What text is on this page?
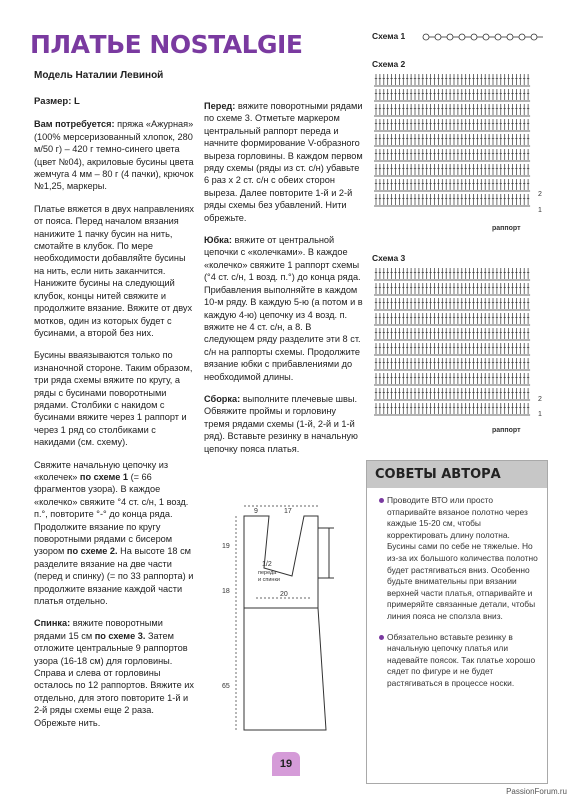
ПЛАТЬЕ NOSTALGIE
Модель Наталии Левиной

Размер: L

Вам потребуется: пряжа «Ажурная» (100% мерсеризованный хлопок, 280 м/50 г) – 420 г темно-синего цвета (цвет №04), акриловые бусины цвета жемчуга 4 мм – 80 г (4 пачки), крючок №1,25, маркеры.

Платье вяжется в двух направлениях от пояса. Перед началом вязания нанижите 1 пачку бусин на нить, смотайте в клубок. По мере необходимости добавляйте бусины на нить, если нить заканчится. Нанижите бусины на следующий клубок, концы нитей свяжите и продолжите вязание. Вяжите от двух мотков, один из которых будет с бусинами, а второй без них.

Бусины вваязываются только по изнаночной стороне. Таким образом, три ряда схемы вяжите по кругу, а ряды с бусинами поворотными рядами. Столбики с накидом с бусинами вяжите через 1 раппорт и через 1 ряд со столбиками с накидами (см. схему).

Свяжите начальную цепочку из «колечек» по схеме 1 (= 66 фрагментов узора). В каждое «колечко» свяжите °4 ст. с/н, 1 возд. п.°, повторите °-° до конца ряда. Продолжите вязание по кругу поворотными рядами с бисером узором по схеме 2. На высоте 18 см разделите вязание на две части (перед и спинку) (= по 33 раппорта) и продолжите вязание каждой части платья отдельно.

Спинка: вяжите поворотными рядами 15 см по схеме 3. Затем отложите центральные 9 раппортов узора (16-18 см) для горловины. Справа и слева от горловины осталось по 12 раппортов. Вяжите их отдельно, для этого повторите 1-й и 2-й ряды схемы еще 2 раза. Обрежьте нить.

Перед: вяжите поворотными рядами по схеме 3. Отметьте маркером центральный раппорт переда и начните формирование V-образного выреза горловины. В каждом первом ряду схемы (ряды из ст. с/н) убавьте 6 раз x 2 ст. с/н с обеих сторон выреза. Далее повторите 1-й и 2-й ряды схемы без убавлений. Нити обрежьте.

Юбка: вяжите от центральной цепочки с «колечками». В каждое «колечко» свяжите 1 раппорт схемы (°4 ст. с/н, 1 возд. п.°) до конца ряда. Прибавления выполняйте в каждом 10-м ряду. В каждую 5-ю (а потом и в каждую 4-ю) цепочку из 4 возд. п. вяжите не 4 ст. с/н, а 8. В следующем ряду разделите эти 8 ст. с/н на раппорты схемы. Продолжите вязание юбки с прибавлениями до необходимой длины.

Сборка: выполните плечевые швы. Обвяжите проймы и горловину тремя рядами схемы (1-й, 2-й и 1-й ряд). Вставьте резинку в начальную цепочку пояса платья.

9	17
19
18
65
20
1/2
переда
и спинки
Схема 1
Схема 2
2
1
раппорт
Схема 3
2
1
раппорт
СОВЕТЫ АВТОРА
Проводите ВТО или просто отпаривайте вязаное полотно через каждые 15-20 см, чтобы корректировать длину полотна. Бусины сами по себе не тяжелые. Но из-за их большого количества полотно будет растягиваться вниз. Особенно будьте внимательны при вязании верхней части платья, отпаривайте и примеряйте связанные детали, чтобы линия пояса не сползла вниз.
Обязательно вставьте резинку в начальную цепочку платья или надевайте поясок. Так платье хорошо сядет по фигуре и не будет растягиваться в процессе носки.
19
PassionForum.ru
